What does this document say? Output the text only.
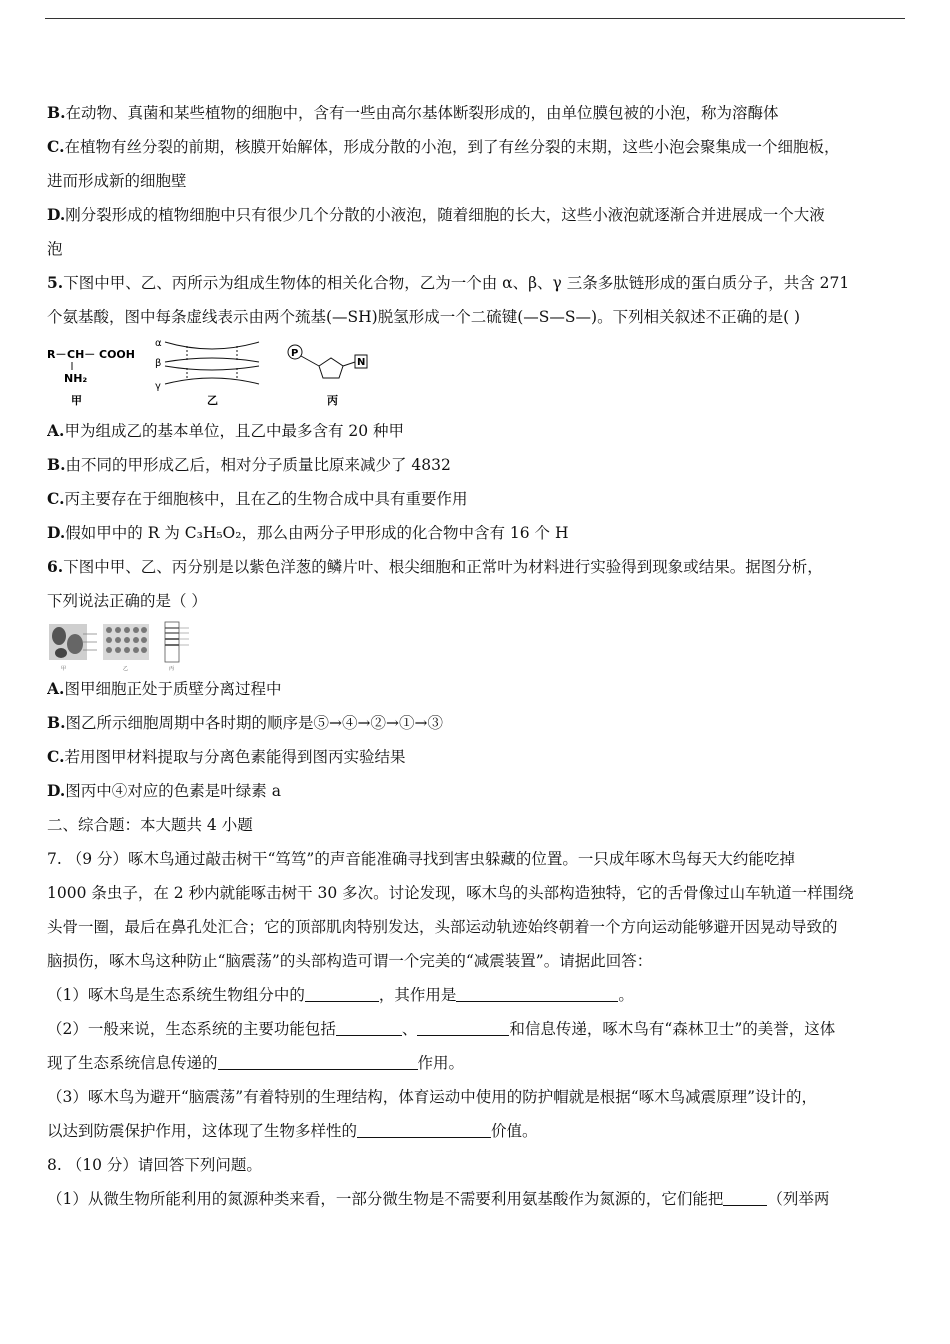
B.在动物、真菌和某些植物的细胞中，含有一些由高尔基体断裂形成的，由单位膜包被的小泡，称为溶酶体
C.在植物有丝分裂的前期，核膜开始解体，形成分散的小泡，到了有丝分裂的末期，这些小泡会聚集成一个细胞板，
进而形成新的细胞壁
D.刚分裂形成的植物细胞中只有很少几个分散的小液泡，随着细胞的长大，这些小液泡就逐渐合并进展成一个大液
泡
5.下图中甲、乙、丙所示为组成生物体的相关化合物，乙为一个由 α、β、γ 三条多肽链形成的蛋白质分子，共含 271
个氨基酸，图中每条虚线表示由两个巯基(—SH)脱氢形成一个二硫键(—S—S—)。下列相关叙述不正确的是( )
R－ CH－ COOH
NH₂
甲
α
β
γ
乙
P
N
丙
A.甲为组成乙的基本单位，且乙中最多含有 20 种甲
B.由不同的甲形成乙后，相对分子质量比原来减少了 4832
C.丙主要存在于细胞核中，且在乙的生物合成中具有重要作用
D.假如甲中的 R 为 C₃H₅O₂，那么由两分子甲形成的化合物中含有 16 个 H
6.下图中甲、乙、丙分别是以紫色洋葱的鳞片叶、根尖细胞和正常叶为材料进行实验得到现象或结果。据图分析，
下列说法正确的是（ ）
甲	乙	丙
A.图甲细胞正处于质壁分离过程中
B.图乙所示细胞周期中各时期的顺序是⑤→④→②→①→③
C.若用图甲材料提取与分离色素能得到图丙实验结果
D.图丙中④对应的色素是叶绿素 a
二、综合题：本大题共 4 小题
7. （9 分）啄木鸟通过敲击树干“笃笃”的声音能准确寻找到害虫躲藏的位置。一只成年啄木鸟每天大约能吃掉
1000 条虫子，在 2 秒内就能啄击树干 30 多次。讨论发现，啄木鸟的头部构造独特，它的舌骨像过山车轨道一样围绕
头骨一圈，最后在鼻孔处汇合；它的顶部肌肉特别发达，头部运动轨迹始终朝着一个方向运动能够避开因晃动导致的
脑损伤，啄木鸟这种防止“脑震荡”的头部构造可谓一个完美的“减震装置”。请据此回答：
（1）啄木鸟是生态系统生物组分中的	，其作用是	。
（2）一般来说，生态系统的主要功能包括	、	和信息传递，啄木鸟有“森林卫士”的美誉，这体
现了生态系统信息传递的	作用。
（3）啄木鸟为避开“脑震荡”有着特别的生理结构，体育运动中使用的防护帽就是根据“啄木鸟减震原理”设计的，
以达到防震保护作用，这体现了生物多样性的	价值。
8. （10 分）请回答下列问题。
（1）从微生物所能利用的氮源种类来看，一部分微生物是不需要利用氨基酸作为氮源的，它们能把	（列举两
